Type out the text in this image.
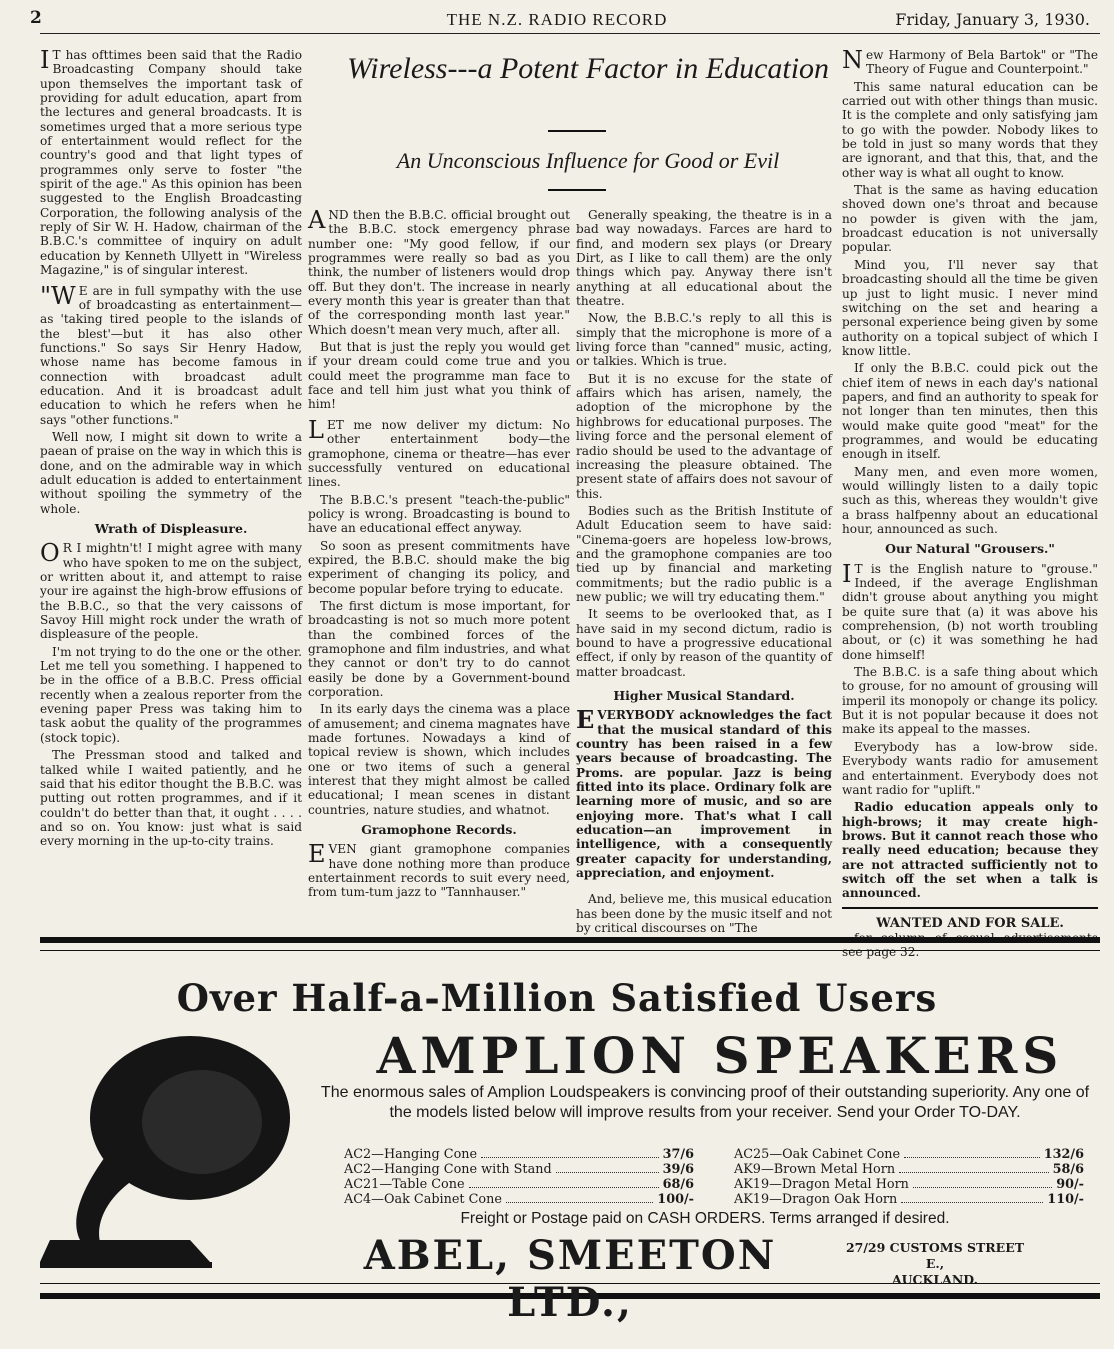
2	THE N.Z. RADIO RECORD	Friday, January 3, 1930.

IT has ofttimes been said that the Radio Broadcasting Company should take upon themselves the important task of providing for adult education, apart from the lectures and general broadcasts. It is sometimes urged that a more serious type of entertainment would reflect for the country's good and that light types of programmes only serve to foster "the spirit of the age." As this opinion has been suggested to the English Broadcasting Corporation, the following analysis of the reply of Sir W. H. Hadow, chairman of the B.B.C.'s committee of inquiry on adult education by Kenneth Ullyett in "Wireless Magazine," is of singular interest.

"WE are in full sympathy with the use of broadcasting as entertainment—as 'taking tired people to the islands of the blest'—but it has also other functions." So says Sir Henry Hadow, whose name has become famous in connection with broadcast adult education. And it is broadcast adult education to which he refers when he says "other functions."

Well now, I might sit down to write a paean of praise on the way in which this is done, and on the admirable way in which adult education is added to entertainment without spoiling the symmetry of the whole.

Wrath of Displeasure.

OR I mightn't! I might agree with many who have spoken to me on the subject, or written about it, and attempt to raise your ire against the high-brow effusions of the B.B.C., so that the very caissons of Savoy Hill might rock under the wrath of displeasure of the people.

I'm not trying to do the one or the other. Let me tell you something. I happened to be in the office of a B.B.C. Press official recently when a zealous reporter from the evening paper Press was taking him to task aobut the quality of the programmes (stock topic).

The Pressman stood and talked and talked while I waited patiently, and he said that his editor thought the B.B.C. was putting out rotten programmes, and if it couldn't do better than that, it ought . . . . and so on. You know: just what is said every morning in the up-to-city trains.

Wireless---a Potent Factor in Education
An Unconscious Influence for Good or Evil

AND then the B.B.C. official brought out the B.B.C. stock emergency phrase number one: "My good fellow, if our programmes were really so bad as you think, the number of listeners would drop off. But they don't. The increase in nearly every month this year is greater than that of the corresponding month last year." Which doesn't mean very much, after all.

But that is just the reply you would get if your dream could come true and you could meet the programme man face to face and tell him just what you think of him!

LET me now deliver my dictum: No other entertainment body—the gramophone, cinema or theatre—has ever successfully ventured on educational lines.

The B.B.C.'s present "teach-the-public" policy is wrong. Broadcasting is bound to have an educational effect anyway.

So soon as present commitments have expired, the B.B.C. should make the big experiment of changing its policy, and become popular before trying to educate.

The first dictum is mose important, for broadcasting is not so much more potent than the combined forces of the gramophone and film industries, and what they cannot or don't try to do cannot easily be done by a Government-bound corporation.

In its early days the cinema was a place of amusement; and cinema magnates have made fortunes. Nowadays a kind of topical review is shown, which includes one or two items of such a general interest that they might almost be called educational; I mean scenes in distant countries, nature studies, and whatnot.

Gramophone Records.

EVEN giant gramophone companies have done nothing more than produce entertainment records to suit every need, from tum-tum jazz to "Tannhauser."

Generally speaking, the theatre is in a bad way nowadays. Farces are hard to find, and modern sex plays (or Dreary Dirt, as I like to call them) are the only things which pay. Anyway there isn't anything at all educational about the theatre.

Now, the B.B.C.'s reply to all this is simply that the microphone is more of a living force than "canned" music, acting, or talkies. Which is true.

But it is no excuse for the state of affairs which has arisen, namely, the adoption of the microphone by the highbrows for educational purposes. The living force and the personal element of radio should be used to the advantage of increasing the pleasure obtained. The present state of affairs does not savour of this.

Bodies such as the British Institute of Adult Education seem to have said: "Cinema-goers are hopeless low-brows, and the gramophone companies are too tied up by financial and marketing commitments; but the radio public is a new public; we will try educating them."

It seems to be overlooked that, as I have said in my second dictum, radio is bound to have a progressive educational effect, if only by reason of the quantity of matter broadcast.

Higher Musical Standard.

EVERYBODY acknowledges the fact that the musical standard of this country has been raised in a few years because of broadcasting. The Proms. are popular. Jazz is being fitted into its place. Ordinary folk are learning more of music, and so are enjoying more. That's what I call education—an improvement in intelligence, with a consequently greater capacity for understanding, appreciation, and enjoyment.

And, believe me, this musical education has been done by the music itself and not by critical discourses on "The

New Harmony of Bela Bartok" or "The Theory of Fugue and Counterpoint."

This same natural education can be carried out with other things than music. It is the complete and only satisfying jam to go with the powder. Nobody likes to be told in just so many words that they are ignorant, and that this, that, and the other way is what all ought to know.

That is the same as having education shoved down one's throat and because no powder is given with the jam, broadcast education is not universally popular.

Mind you, I'll never say that broadcasting should all the time be given up just to light music. I never mind switching on the set and hearing a personal experience being given by some authority on a topical subject of which I know little.

If only the B.B.C. could pick out the chief item of news in each day's national papers, and find an authority to speak for not longer than ten minutes, then this would make quite good "meat" for the programmes, and would be educating enough in itself.

Many men, and even more women, would willingly listen to a daily topic such as this, whereas they wouldn't give a brass halfpenny about an educational hour, announced as such.

Our Natural "Grousers."

IT is the English nature to "grouse." Indeed, if the average Englishman didn't grouse about anything you might be quite sure that (a) it was above his comprehension, (b) not worth troubling about, or (c) it was something he had done himself!

The B.B.C. is a safe thing about which to grouse, for no amount of grousing will imperil its monopoly or change its policy. But it is not popular because it does not make its appeal to the masses.

Everybody has a low-brow side. Everybody wants radio for amusement and entertainment. Everybody does not want radio for "uplift."

Radio education appeals only to high-brows; it may create high-brows. But it cannot reach those who really need education; because they are not attracted sufficiently not to switch off the set when a talk is announced.

WANTED AND FOR SALE.

for column of casual advertisements see page 32.

Over Half-a-Million Satisfied Users
AMPLION SPEAKERS
The enormous sales of Amplion Loudspeakers is convincing proof of their outstanding superiority. Any one of the models listed below will improve results from your receiver. Send your Order TO-DAY.
AC2—Hanging Cone	37/6
AC2—Hanging Cone with Stand	39/6
AC21—Table Cone	68/6
AC4—Oak Cabinet Cone	100/-
AC25—Oak Cabinet Cone	132/6
AK9—Brown Metal Horn	58/6
AK19—Dragon Metal Horn	90/-
AK19—Dragon Oak Horn	110/-
Freight or Postage paid on CASH ORDERS. Terms arranged if desired.
ABEL, SMEETON LTD.,
27/29 CUSTOMS STREET E.,
AUCKLAND.
